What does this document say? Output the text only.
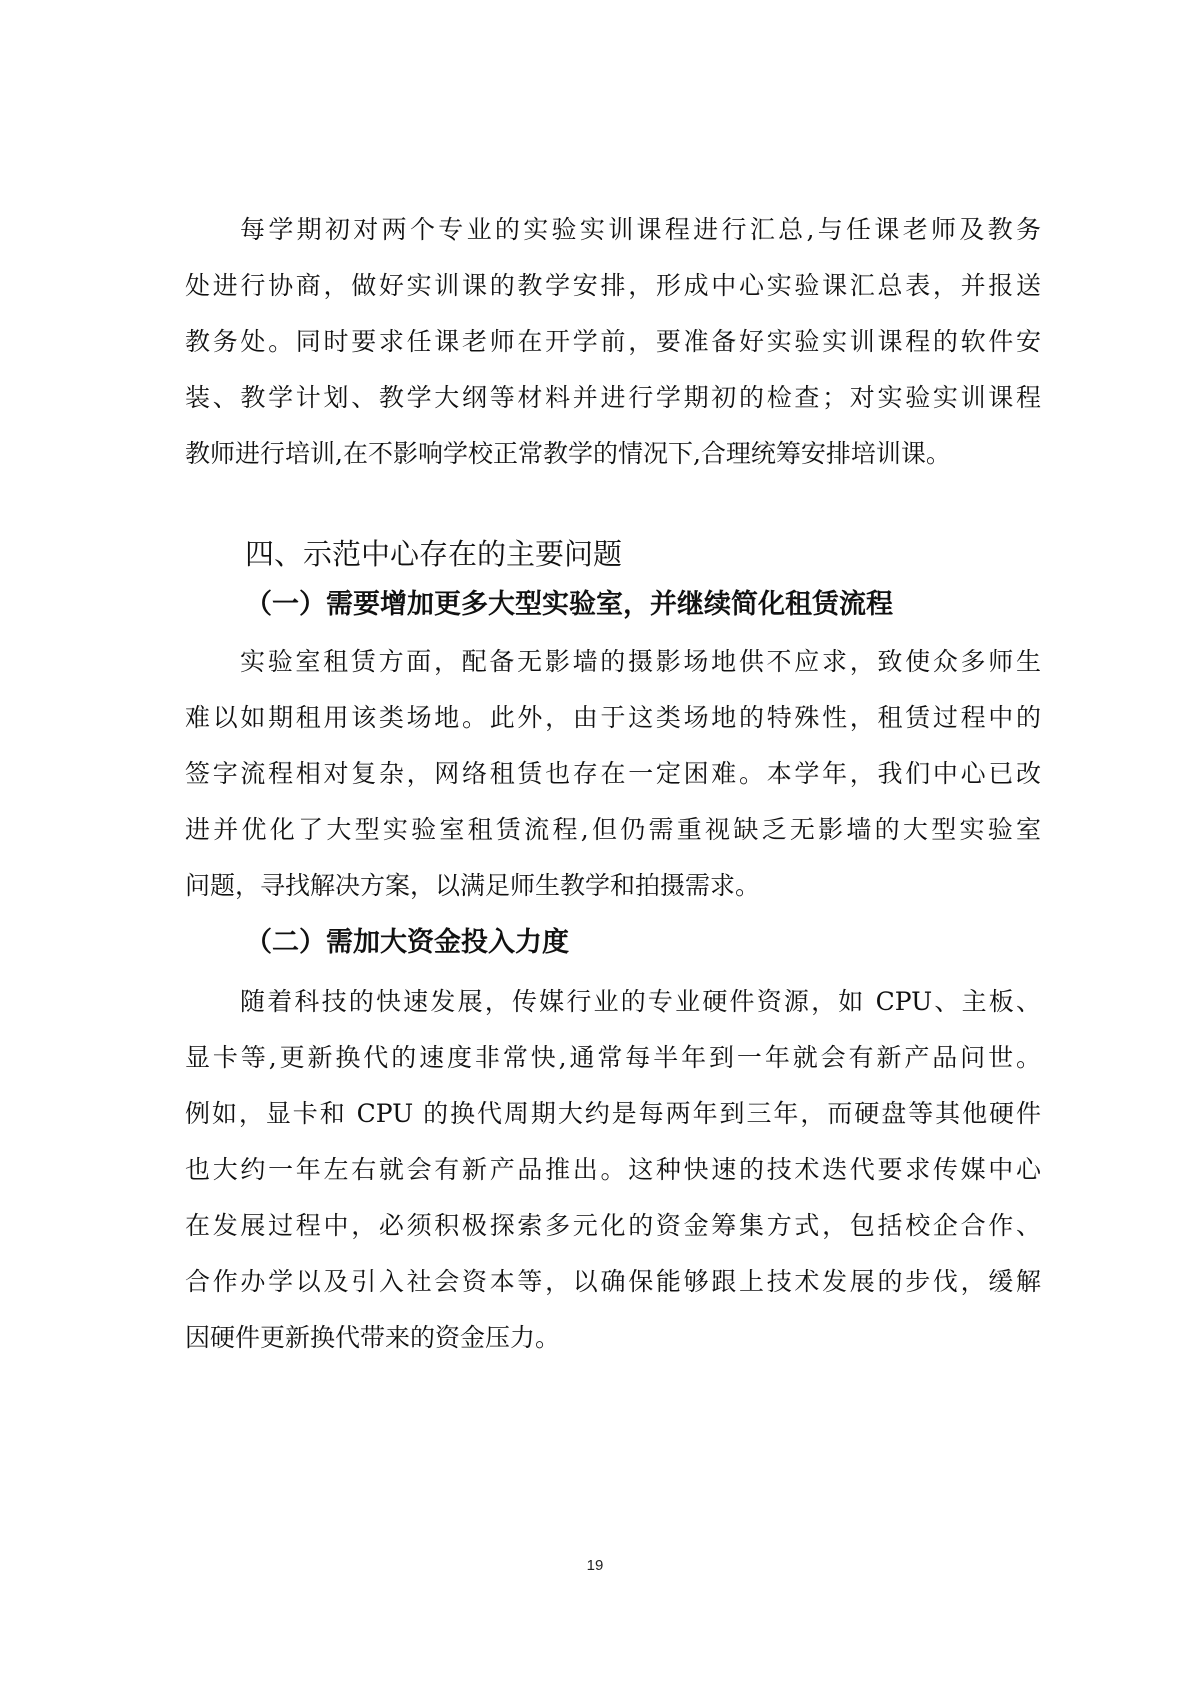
每学期初对两个专业的实验实训课程进行汇总,与任课老师及教务
处进行协商，做好实训课的教学安排，形成中心实验课汇总表，并报送
教务处。同时要求任课老师在开学前，要准备好实验实训课程的软件安
装、教学计划、教学大纲等材料并进行学期初的检查；对实验实训课程
教师进行培训,在不影响学校正常教学的情况下,合理统筹安排培训课。
四、示范中心存在的主要问题
（一）需要增加更多大型实验室，并继续简化租赁流程
实验室租赁方面，配备无影墙的摄影场地供不应求，致使众多师生
难以如期租用该类场地。此外，由于这类场地的特殊性，租赁过程中的
签字流程相对复杂，网络租赁也存在一定困难。本学年，我们中心已改
进并优化了大型实验室租赁流程,但仍需重视缺乏无影墙的大型实验室
问题，寻找解决方案，以满足师生教学和拍摄需求。
（二）需加大资金投入力度
随着科技的快速发展，传媒行业的专业硬件资源，如 CPU、主板、
显卡等,更新换代的速度非常快,通常每半年到一年就会有新产品问世。
例如，显卡和 CPU 的换代周期大约是每两年到三年，而硬盘等其他硬件
也大约一年左右就会有新产品推出。这种快速的技术迭代要求传媒中心
在发展过程中，必须积极探索多元化的资金筹集方式，包括校企合作、
合作办学以及引入社会资本等，以确保能够跟上技术发展的步伐，缓解
因硬件更新换代带来的资金压力。
19
